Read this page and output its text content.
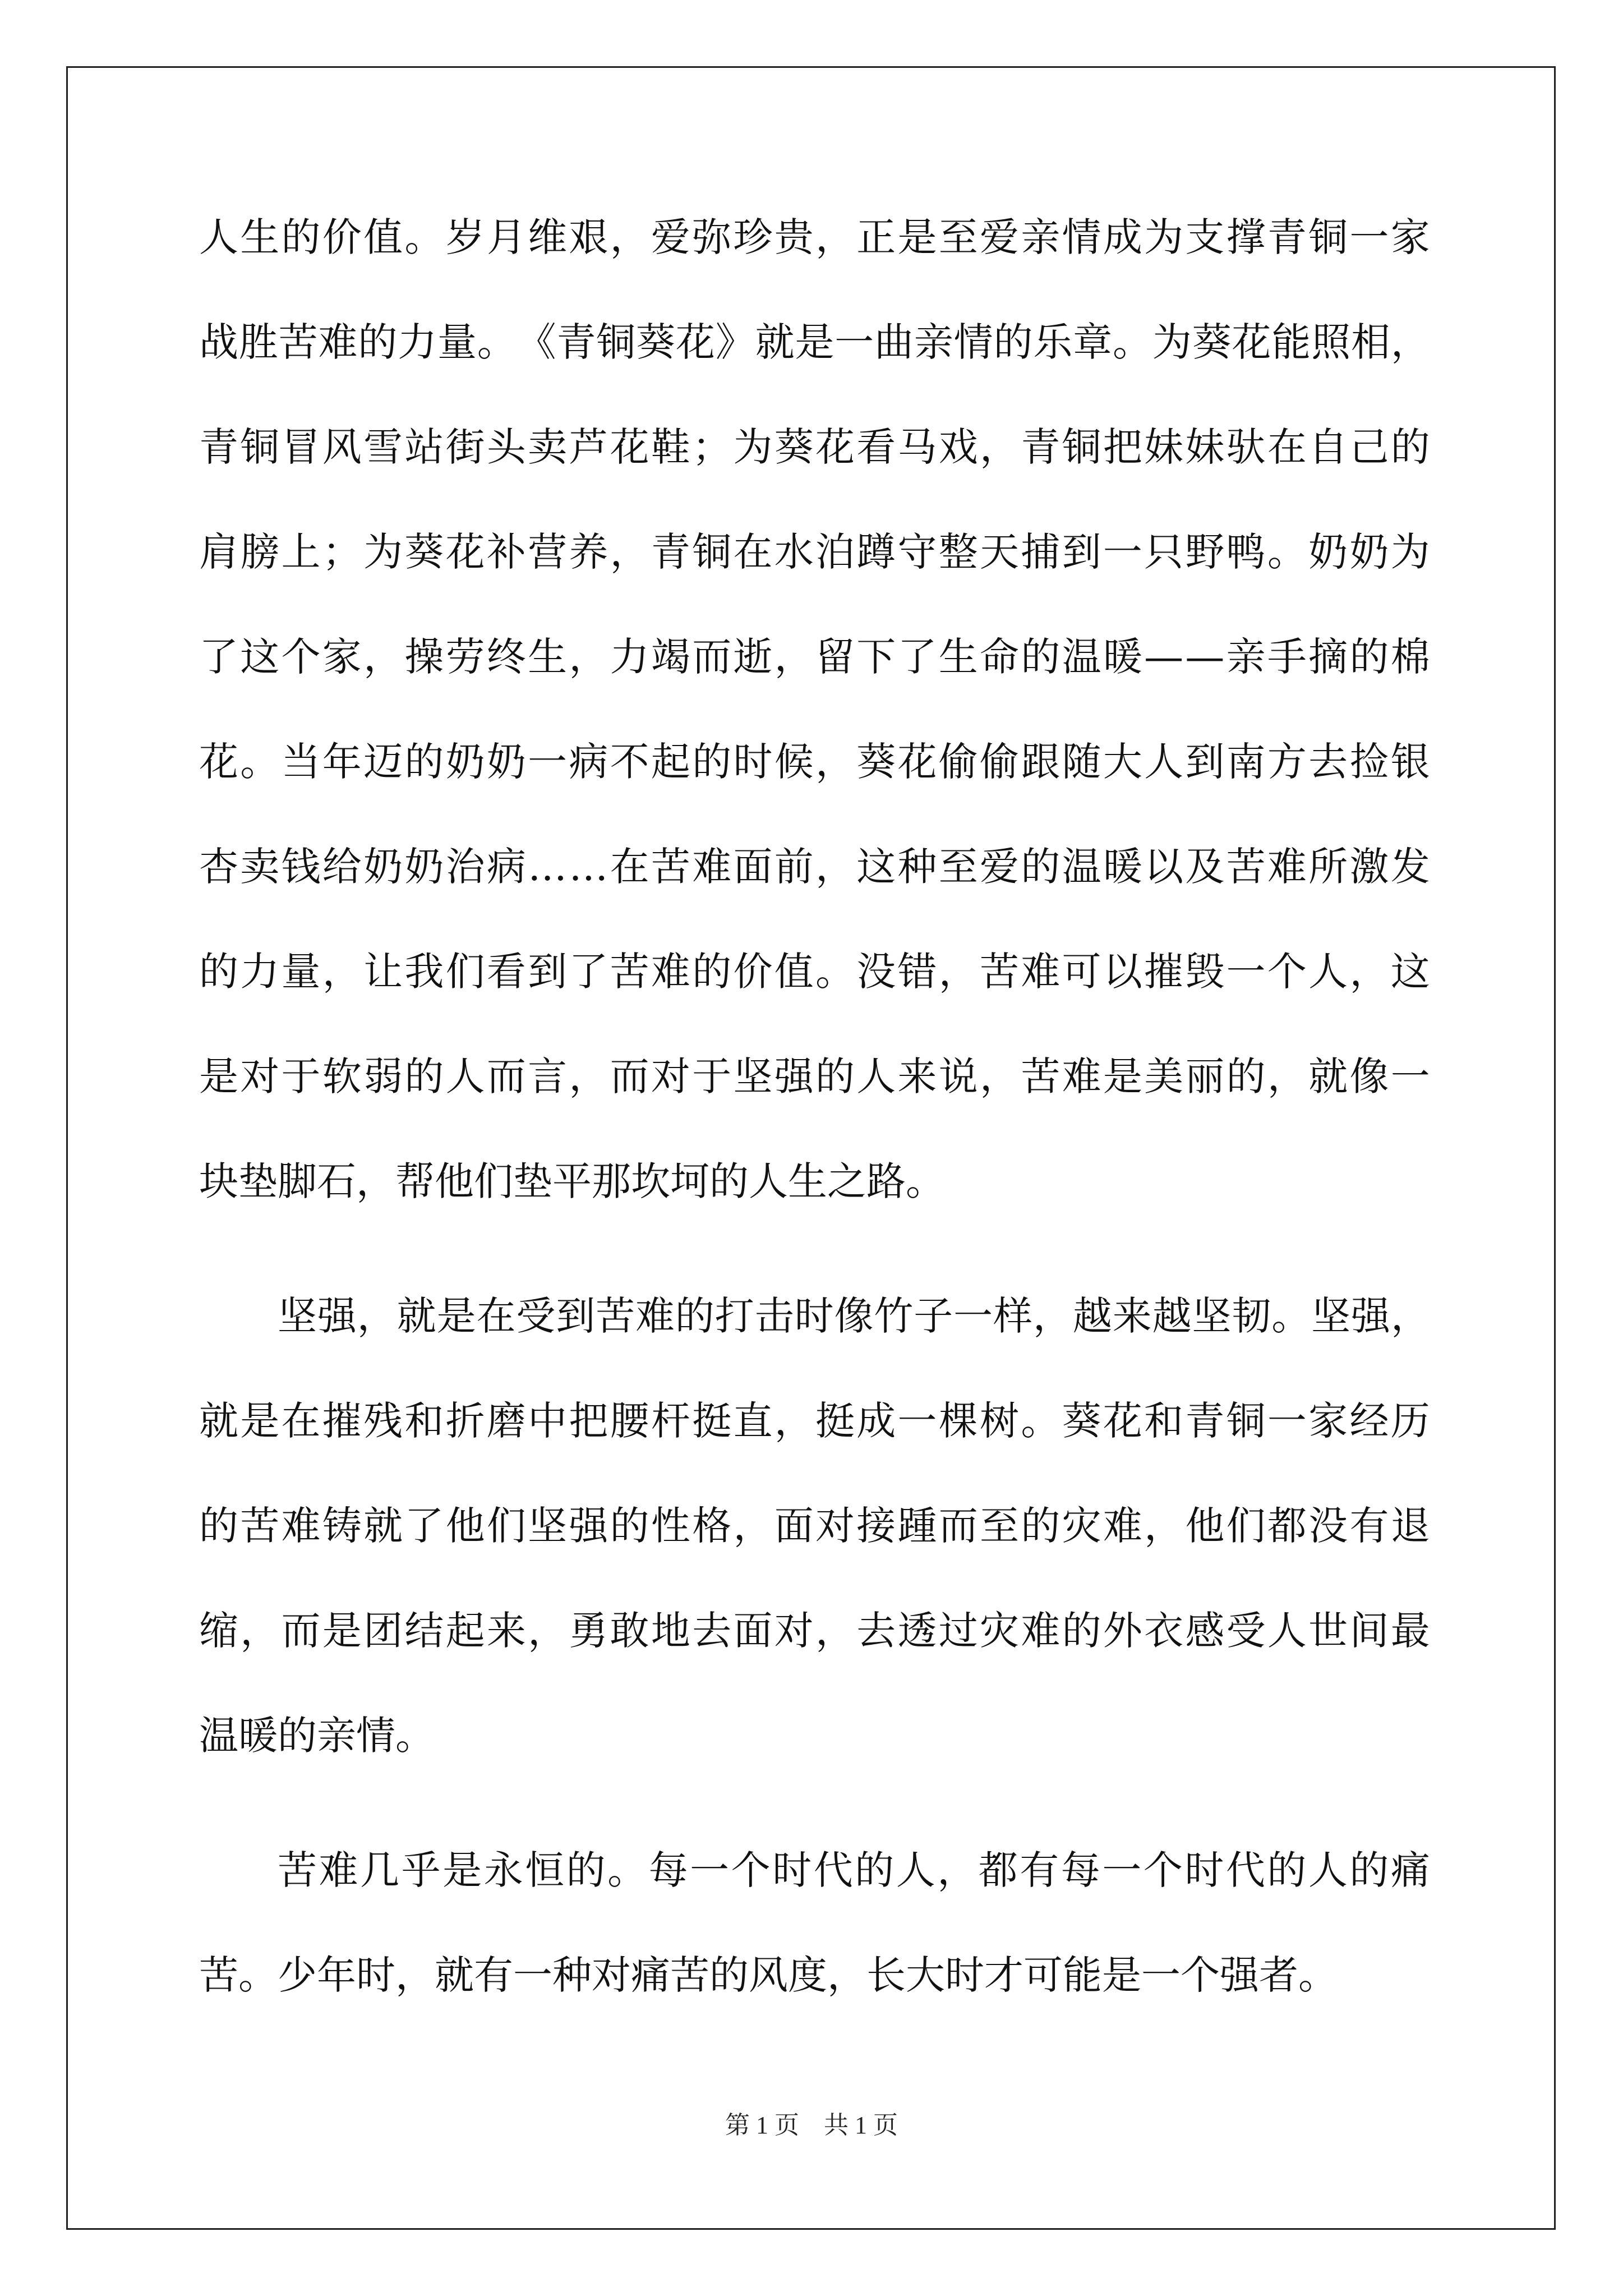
人 生 的 价 值 。 岁 月 维 艰 ， 爱 弥 珍 贵 ， 正 是 至 爱 亲 情 成 为 支 撑 青 铜 一 家
战 胜 苦 难 的 力 量 。 《 青 铜 葵 花 》 就 是 一 曲 亲 情 的 乐 章 。 为 葵 花 能 照 相 ，
青 铜 冒 风 雪 站 街 头 卖 芦 花 鞋 ； 为 葵 花 看 马 戏 ， 青 铜 把 妹 妹 驮 在 自 己 的
肩 膀 上 ； 为 葵 花 补 营 养 ， 青 铜 在 水 泊 蹲 守 整 天 捕 到 一 只 野 鸭 。 奶 奶 为
了 这 个 家 ， 操 劳 终 生 ， 力 竭 而 逝 ， 留 下 了 生 命 的 温 暖 — — 亲 手 摘 的 棉
花 。 当 年 迈 的 奶 奶 一 病 不 起 的 时 候 ， 葵 花 偷 偷 跟 随 大 人 到 南 方 去 捡 银
杏 卖 钱 给 奶 奶 治 病 … … 在 苦 难 面 前 ， 这 种 至 爱 的 温 暖 以 及 苦 难 所 激 发
的 力 量 ， 让 我 们 看 到 了 苦 难 的 价 值 。 没 错 ， 苦 难 可 以 摧 毁 一 个 人 ， 这
是 对 于 软 弱 的 人 而 言 ， 而 对 于 坚 强 的 人 来 说 ， 苦 难 是 美 丽 的 ， 就 像 一
块 垫 脚 石 ， 帮 他 们 垫 平 那 坎 坷 的 人 生 之 路 。
坚 强 ， 就 是 在 受 到 苦 难 的 打 击 时 像 竹 子 一 样 ， 越 来 越 坚 韧 。 坚 强 ，
就 是 在 摧 残 和 折 磨 中 把 腰 杆 挺 直 ， 挺 成 一 棵 树 。 葵 花 和 青 铜 一 家 经 历
的 苦 难 铸 就 了 他 们 坚 强 的 性 格 ， 面 对 接 踵 而 至 的 灾 难 ， 他 们 都 没 有 退
缩 ， 而 是 团 结 起 来 ， 勇 敢 地 去 面 对 ， 去 透 过 灾 难 的 外 衣 感 受 人 世 间 最
温 暖 的 亲 情 。
苦 难 几 乎 是 永 恒 的 。 每 一 个 时 代 的 人 ， 都 有 每 一 个 时 代 的 人 的 痛
苦 。 少 年 时 ， 就 有 一 种 对 痛 苦 的 风 度 ， 长 大 时 才 可 能 是 一 个 强 者 。
第 1 页 共 1 页
